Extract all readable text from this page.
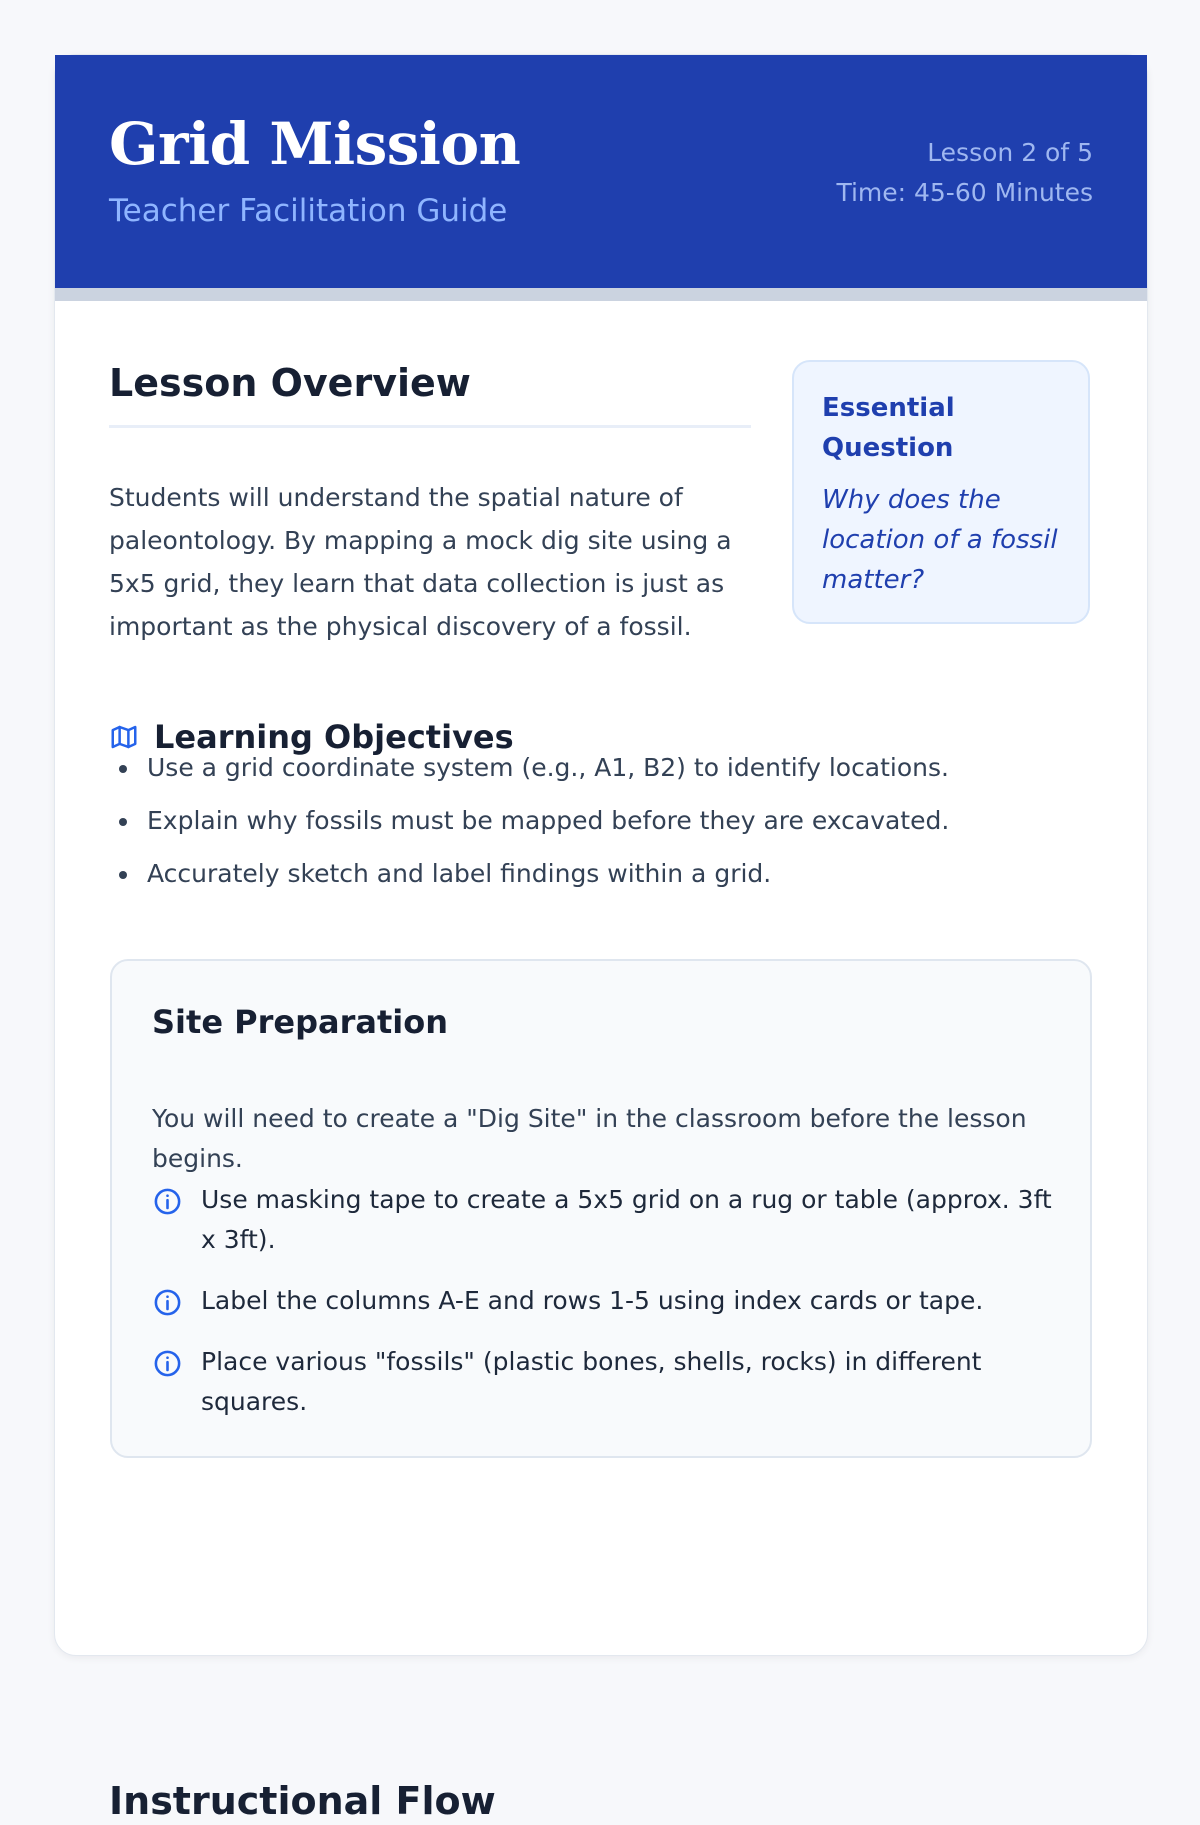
Grid Mission
Teacher Facilitation Guide
Lesson 2 of 5
Time: 45-60 Minutes
Lesson Overview

Students will understand the spatial nature of paleontology. By mapping a mock dig site using a 5x5 grid, they learn that data collection is just as important as the physical discovery of a fossil.

Essential Question
Why does the location of a fossil matter?
Learning Objectives
Use a grid coordinate system (e.g., A1, B2) to identify locations.
Explain why fossils must be mapped before they are excavated.
Accurately sketch and label findings within a grid.
Site Preparation

You will need to create a "Dig Site" in the classroom before the lesson begins.

Use masking tape to create a 5x5 grid on a rug or table (approx. 3ft x 3ft).
Label the columns A-E and rows 1-5 using index cards or tape.
Place various "fossils" (plastic bones, shells, rocks) in different squares.
Instructional Flow
